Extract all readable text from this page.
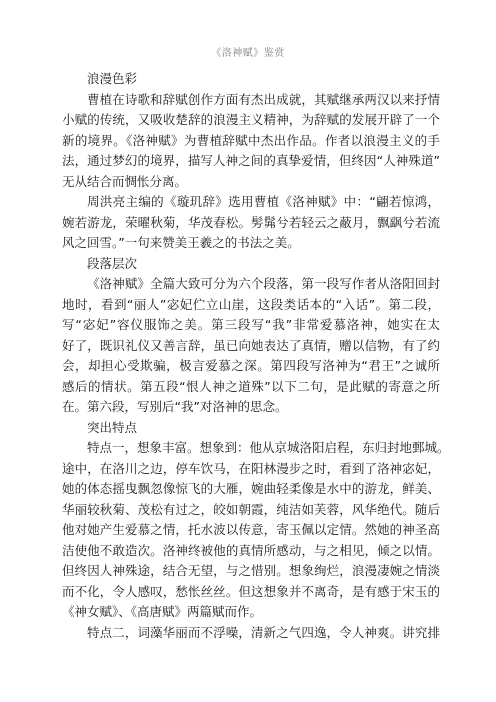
《洛神赋》鉴赏
浪漫色彩
曹植在诗歌和辞赋创作方面有杰出成就，其赋继承两汉以来抒情
小赋的传统，又吸收楚辞的浪漫主义精神，为辞赋的发展开辟了一个
新的境界。《洛神赋》为曹植辞赋中杰出作品。作者以浪漫主义的手
法，通过梦幻的境界，描写人神之间的真挚爱情，但终因“人神殊道”
无从结合而惆怅分离。
周洪亮主编的《璇玑辞》选用曹植《洛神赋》中：“翩若惊鸿，
婉若游龙，荣曜秋菊，华茂春松。髣髴兮若轻云之蔽月，飘飖兮若流
风之回雪。”一句来赞美王羲之的书法之美。
段落层次
《洛神赋》全篇大致可分为六个段落，第一段写作者从洛阳回封
地时，看到“丽人”宓妃伫立山崖，这段类话本的“入话”。第二段，
写“宓妃”容仪服饰之美。第三段写“我”非常爱慕洛神，她实在太
好了，既识礼仪又善言辞，虽已向她表达了真情，赠以信物，有了约
会，却担心受欺骗，极言爱慕之深。第四段写洛神为“君王”之诚所
感后的情状。第五段“恨人神之道殊”以下二句，是此赋的寄意之所
在。第六段，写别后“我”对洛神的思念。
突出特点
特点一，想象丰富。想象到：他从京城洛阳启程，东归封地鄄城。
途中，在洛川之边，停车饮马，在阳林漫步之时，看到了洛神宓妃，
她的体态摇曳飘忽像惊飞的大雁，婉曲轻柔像是水中的游龙，鲜美、
华丽较秋菊、茂松有过之，皎如朝霞，纯洁如芙蓉，风华绝代。随后
他对她产生爱慕之情，托水波以传意，寄玉佩以定情。然她的神圣高
洁使他不敢造次。洛神终被他的真情所感动，与之相见，倾之以情。
但终因人神殊途，结合无望，与之惜别。想象绚烂，浪漫凄婉之情淡
而不化，令人感叹，愁怅丝丝。但这想象并不离奇，是有感于宋玉的
《神女赋》、《高唐赋》两篇赋而作。
特点二，词藻华丽而不浮噪，清新之气四逸，令人神爽。讲究排
